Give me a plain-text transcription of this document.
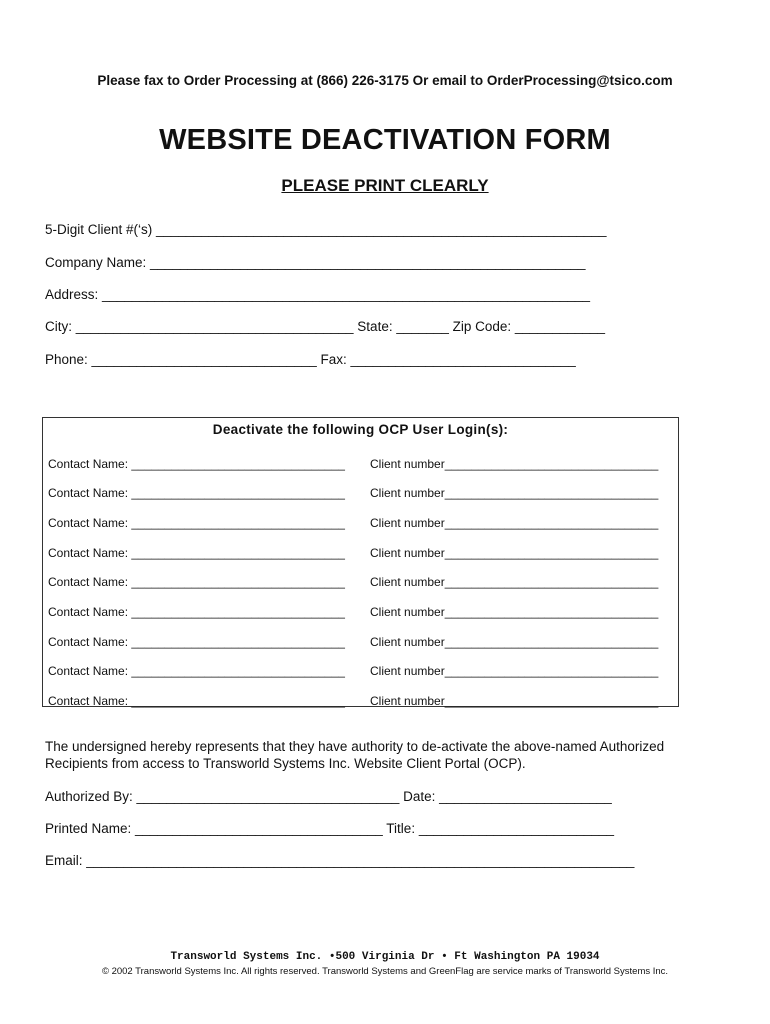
Please fax to Order Processing at (866) 226-3175 Or email to OrderProcessing@tsico.com
WEBSITE DEACTIVATION FORM
PLEASE PRINT CLEARLY
5-Digit Client #(‘s) ____________________________________________________________
Company Name: __________________________________________________________
Address: _________________________________________________________________
City: _____________________________________ State: _______ Zip Code: ____________
Phone: ______________________________ Fax: ______________________________
Deactivate the following OCP User Login(s):
Contact Name: ________________________________ Client number________________________________
Contact Name: ________________________________ Client number________________________________
Contact Name: ________________________________ Client number________________________________
Contact Name: ________________________________ Client number________________________________
Contact Name: ________________________________ Client number________________________________
Contact Name: ________________________________ Client number________________________________
Contact Name: ________________________________ Client number________________________________
Contact Name: ________________________________ Client number________________________________
Contact Name: ________________________________ Client number________________________________
The undersigned hereby represents that they have authority to de-activate the above-named Authorized Recipients from access to Transworld Systems Inc. Website Client Portal (OCP).
Authorized By: ___________________________________ Date: _______________________
Printed Name: _________________________________ Title: __________________________
Email: _________________________________________________________________________
Transworld Systems Inc. •500 Virginia Dr • Ft Washington PA 19034
© 2002 Transworld Systems Inc. All rights reserved. Transworld Systems and GreenFlag are service marks of Transworld Systems Inc.
